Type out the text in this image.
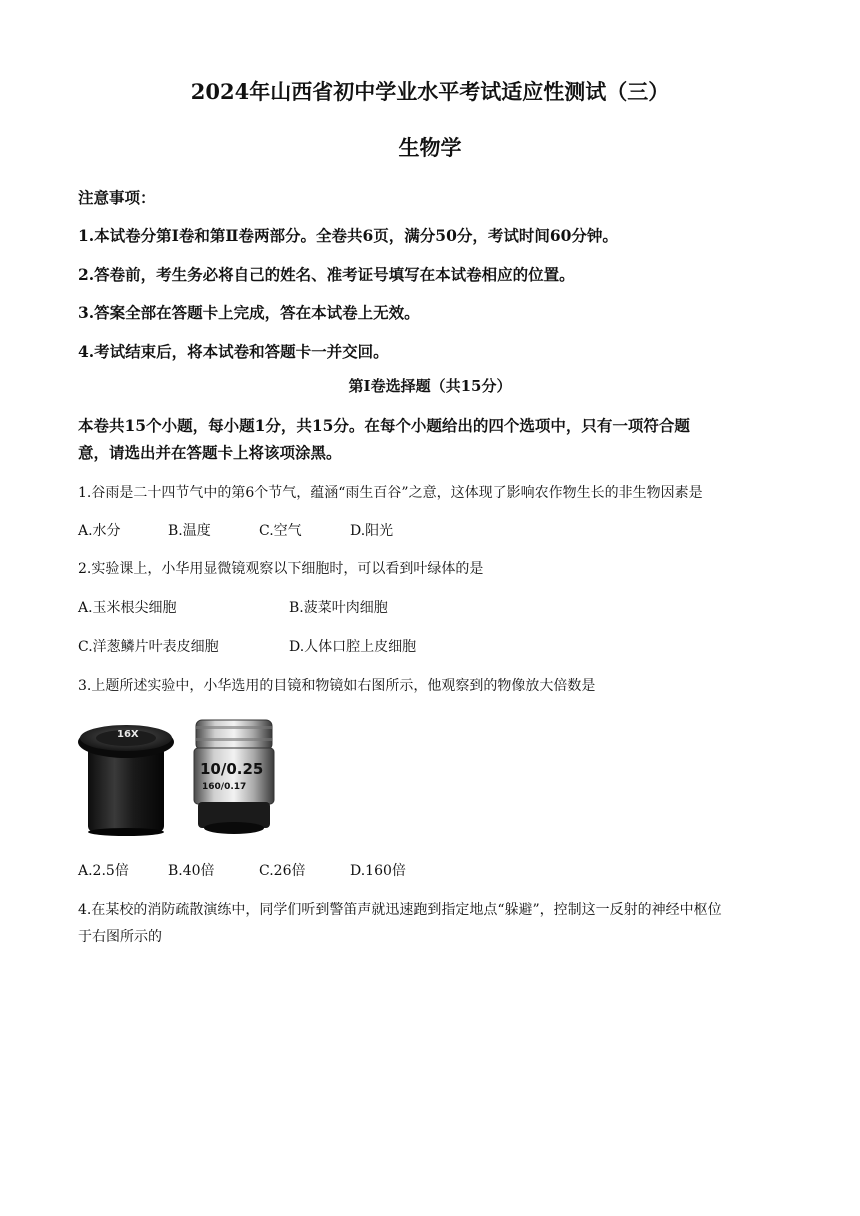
2024年山西省初中学业水平考试适应性测试（三）
生物学
注意事项：
1.本试卷分第Ⅰ卷和第Ⅱ卷两部分。全卷共6页，满分50分，考试时间60分钟。
2.答卷前，考生务必将自己的姓名、准考证号填写在本试卷相应的位置。
3.答案全部在答题卡上完成，答在本试卷上无效。
4.考试结束后，将本试卷和答题卡一并交回。
第Ⅰ卷选择题（共15分）
本卷共15个小题，每小题1分，共15分。在每个小题给出的四个选项中，只有一项符合题
意，请选出并在答题卡上将该项涂黑。
1.谷雨是二十四节气中的第6个节气，蕴涵“雨生百谷”之意，这体现了影响农作物生长的非生物因素是
A.水分	B.温度	C.空气	D.阳光
2.实验课上，小华用显微镜观察以下细胞时，可以看到叶绿体的是
A.玉米根尖细胞	B.菠菜叶肉细胞
C.洋葱鳞片叶表皮细胞	D.人体口腔上皮细胞
3.上题所述实验中，小华选用的目镜和物镜如右图所示，他观察到的物像放大倍数是
16X
10/0.25
160/0.17
A.2.5倍	B.40倍	C.26倍	D.160倍
4.在某校的消防疏散演练中，同学们听到警笛声就迅速跑到指定地点“躲避”，控制这一反射的神经中枢位
于右图所示的
